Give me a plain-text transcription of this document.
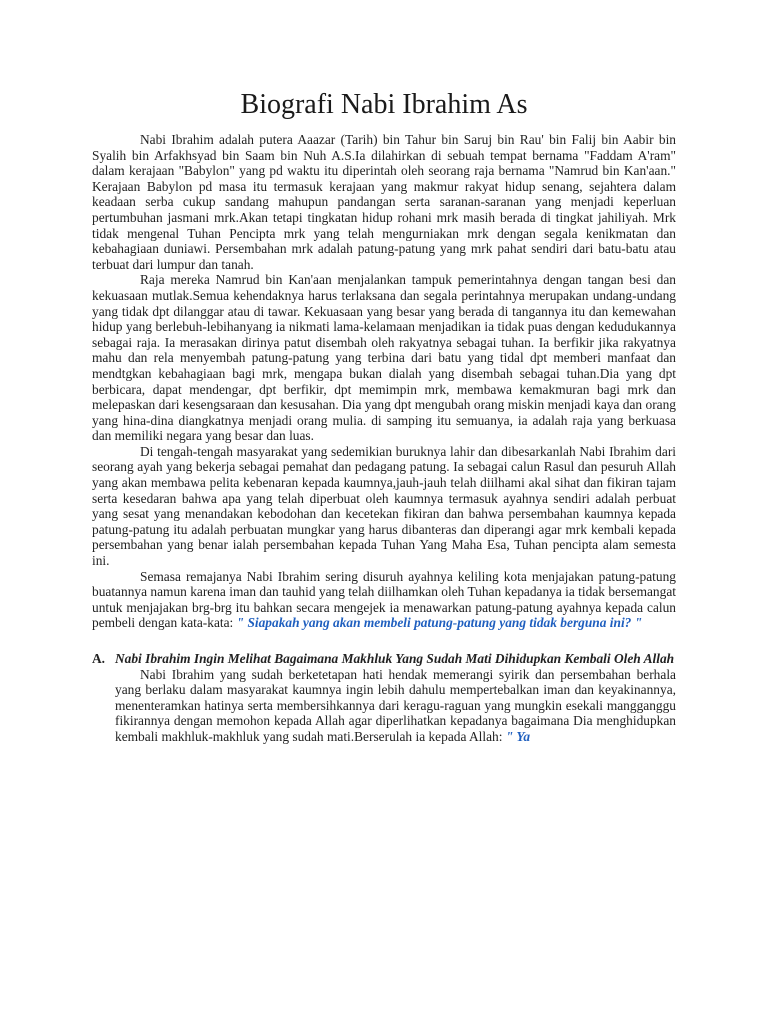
Biografi Nabi Ibrahim As

Nabi Ibrahim adalah putera Aaazar (Tarih) bin Tahur bin Saruj bin Rau' bin Falij bin Aabir bin Syalih bin Arfakhsyad bin Saam bin Nuh A.S.Ia dilahirkan di sebuah tempat bernama "Faddam A'ram" dalam kerajaan "Babylon" yang pd waktu itu diperintah oleh seorang raja bernama "Namrud bin Kan'aan." Kerajaan Babylon pd masa itu termasuk kerajaan yang makmur rakyat hidup senang, sejahtera dalam keadaan serba cukup sandang mahupun pandangan serta saranan-saranan yang menjadi keperluan pertumbuhan jasmani mrk.Akan tetapi tingkatan hidup rohani mrk masih berada di tingkat jahiliyah. Mrk tidak mengenal Tuhan Pencipta mrk yang telah mengurniakan mrk dengan segala kenikmatan dan kebahagiaan duniawi. Persembahan mrk adalah patung-patung yang mrk pahat sendiri dari batu-batu atau terbuat dari lumpur dan tanah.

Raja mereka Namrud bin Kan'aan menjalankan tampuk pemerintahnya dengan tangan besi dan kekuasaan mutlak.Semua kehendaknya harus terlaksana dan segala perintahnya merupakan undang-undang yang tidak dpt dilanggar atau di tawar. Kekuasaan yang besar yang berada di tangannya itu dan kemewahan hidup yang berlebuh-lebihanyang ia nikmati lama-kelamaan menjadikan ia tidak puas dengan kedudukannya sebagai raja. Ia merasakan dirinya patut disembah oleh rakyatnya sebagai tuhan. Ia berfikir jika rakyatnya mahu dan rela menyembah patung-patung yang terbina dari batu yang tidal dpt memberi manfaat dan mendtgkan kebahagiaan bagi mrk, mengapa bukan dialah yang disembah sebagai tuhan.Dia yang dpt berbicara, dapat mendengar, dpt berfikir, dpt memimpin mrk, membawa kemakmuran bagi mrk dan melepaskan dari kesengsaraan dan kesusahan. Dia yang dpt mengubah orang miskin menjadi kaya dan orang yang hina-dina diangkatnya menjadi orang mulia. di samping itu semuanya, ia adalah raja yang berkuasa dan memiliki negara yang besar dan luas.

Di tengah-tengah masyarakat yang sedemikian buruknya lahir dan dibesarkanlah Nabi Ibrahim dari seorang ayah yang bekerja sebagai pemahat dan pedagang patung. Ia sebagai calun Rasul dan pesuruh Allah yang akan membawa pelita kebenaran kepada kaumnya,jauh-jauh telah diilhami akal sihat dan fikiran tajam serta kesedaran bahwa apa yang telah diperbuat oleh kaumnya termasuk ayahnya sendiri adalah perbuat yang sesat yang menandakan kebodohan dan kecetekan fikiran dan bahwa persembahan kaumnya kepada patung-patung itu adalah perbuatan mungkar yang harus dibanteras dan diperangi agar mrk kembali kepada persembahan yang benar ialah persembahan kepada Tuhan Yang Maha Esa, Tuhan pencipta alam semesta ini.

Semasa remajanya Nabi Ibrahim sering disuruh ayahnya keliling kota menjajakan patung-patung buatannya namun karena iman dan tauhid yang telah diilhamkan oleh Tuhan kepadanya ia tidak bersemangat untuk menjajakan brg-brg itu bahkan secara mengejek ia menawarkan patung-patung ayahnya kepada calun pembeli dengan kata-kata: " Siapakah yang akan membeli patung-patung yang tidak berguna ini? "

A. Nabi Ibrahim Ingin Melihat Bagaimana Makhluk Yang Sudah Mati Dihidupkan Kembali Oleh Allah

Nabi Ibrahim yang sudah berketetapan hati hendak memerangi syirik dan persembahan berhala yang berlaku dalam masyarakat kaumnya ingin lebih dahulu mempertebalkan iman dan keyakinannya, menenteramkan hatinya serta membersihkannya dari keragu-raguan yang mungkin esekali mangganggu fikirannya dengan memohon kepada Allah agar diperlihatkan kepadanya bagaimana Dia menghidupkan kembali makhluk-makhluk yang sudah mati.Berserulah ia kepada Allah: " Ya
